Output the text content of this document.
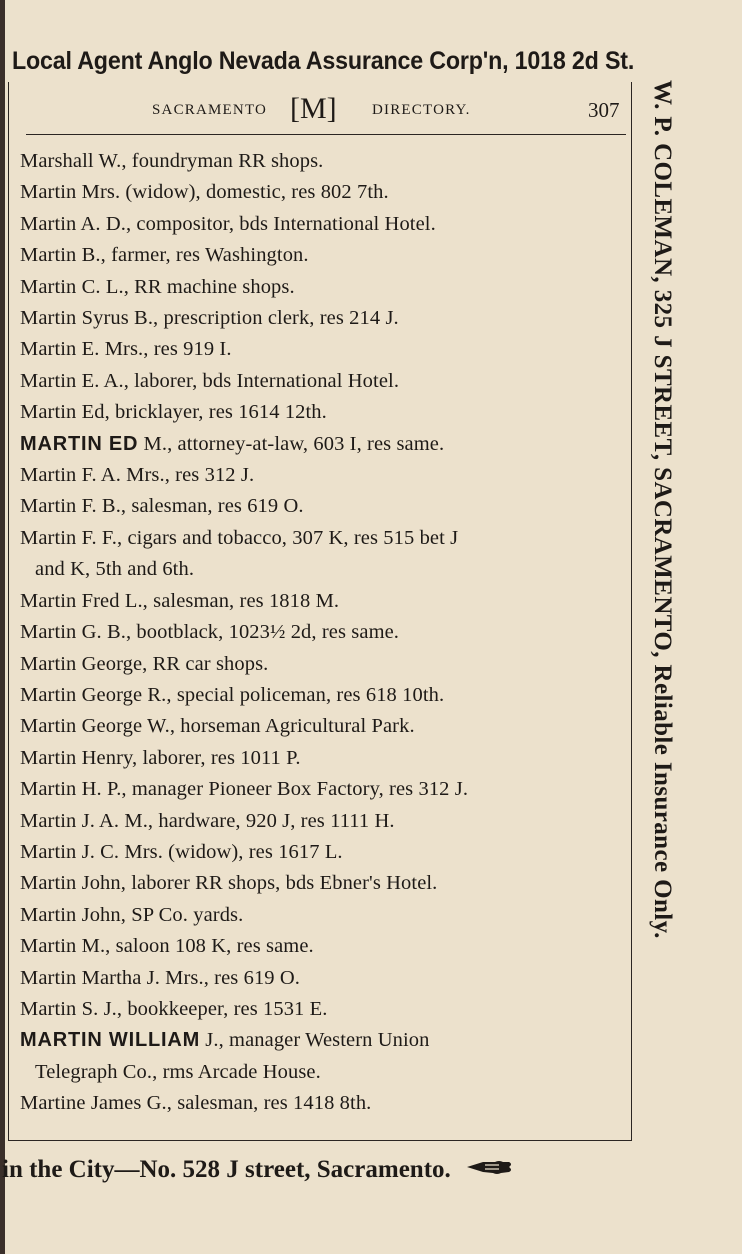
Local Agent Anglo Nevada Assurance Corp'n, 1018 2d St.
SACRAMENTO [M] DIRECTORY.	307
Marshall W., foundryman RR shops.
Martin Mrs. (widow), domestic, res 802 7th.
Martin A. D., compositor, bds International Hotel.
Martin B., farmer, res Washington.
Martin C. L., RR machine shops.
Martin Syrus B., prescription clerk, res 214 J.
Martin E. Mrs., res 919 I.
Martin E. A., laborer, bds International Hotel.
Martin Ed, bricklayer, res 1614 12th.
MARTIN ED M., attorney-at-law, 603 I, res same.
Martin F. A. Mrs., res 312 J.
Martin F. B., salesman, res 619 O.
Martin F. F., cigars and tobacco, 307 K, res 515 bet J
and K, 5th and 6th.
Martin Fred L., salesman, res 1818 M.
Martin G. B., bootblack, 1023½ 2d, res same.
Martin George, RR car shops.
Martin George R., special policeman, res 618 10th.
Martin George W., horseman Agricultural Park.
Martin Henry, laborer, res 1011 P.
Martin H. P., manager Pioneer Box Factory, res 312 J.
Martin J. A. M., hardware, 920 J, res 1111 H.
Martin J. C. Mrs. (widow), res 1617 L.
Martin John, laborer RR shops, bds Ebner's Hotel.
Martin John, SP Co. yards.
Martin M., saloon 108 K, res same.
Martin Martha J. Mrs., res 619 O.
Martin S. J., bookkeeper, res 1531 E.
MARTIN WILLIAM J., manager Western Union
Telegraph Co., rms Arcade House.
Martine James G., salesman, res 1418 8th.
W. P. COLEMAN, 325 J STREET, SACRAMENTO, Reliable Insurance Only.
in the City—No. 528 J street, Sacramento.
